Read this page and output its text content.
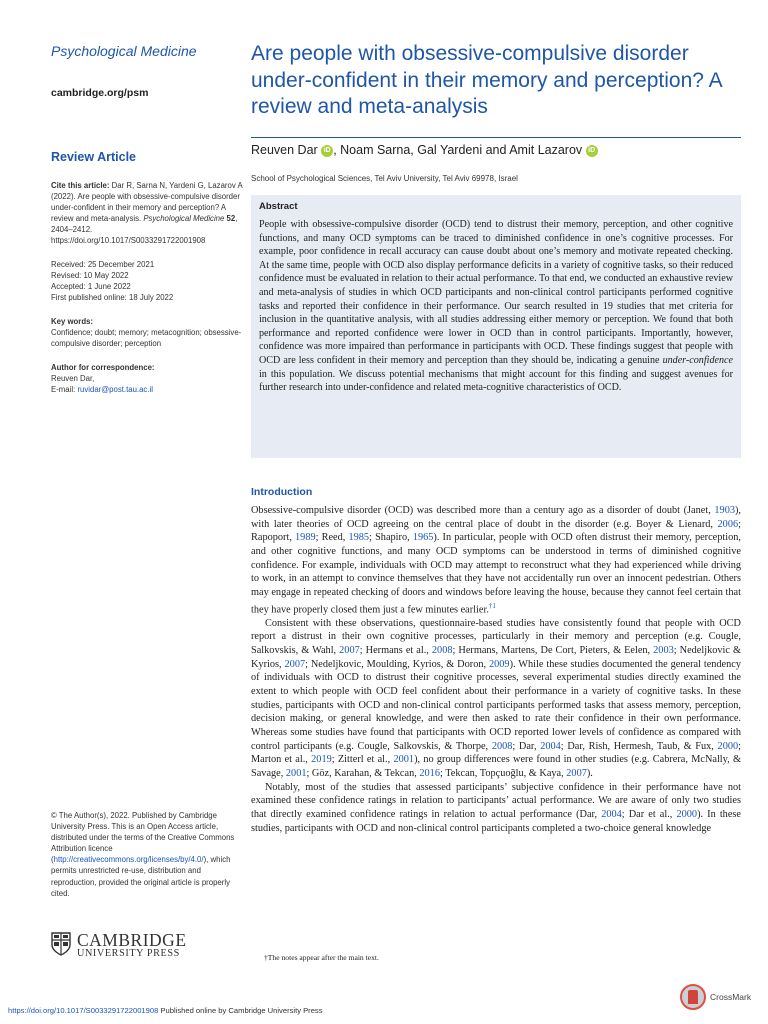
Psychological Medicine
cambridge.org/psm
Are people with obsessive-compulsive disorder under-confident in their memory and perception? A review and meta-analysis
Reuven Dar iD , Noam Sarna, Gal Yardeni and Amit Lazarov iD
School of Psychological Sciences, Tel Aviv University, Tel Aviv 69978, Israel
Review Article
Cite this article: Dar R, Sarna N, Yardeni G, Lazarov A (2022). Are people with obsessive-compulsive disorder under-confident in their memory and perception? A review and meta-analysis. Psychological Medicine 52, 2404–2412. https://doi.org/10.1017/S0033291722001908
Received: 25 December 2021
Revised: 10 May 2022
Accepted: 1 June 2022
First published online: 18 July 2022
Key words:
Confidence; doubt; memory; metacognition; obsessive-compulsive disorder; perception
Author for correspondence:
Reuven Dar,
E-mail: ruvidar@post.tau.ac.il
© The Author(s), 2022. Published by Cambridge University Press. This is an Open Access article, distributed under the terms of the Creative Commons Attribution licence (http://creativecommons.org/licenses/by/4.0/), which permits unrestricted re-use, distribution and reproduction, provided the original article is properly cited.
CAMBRIDGE
UNIVERSITY PRESS
Abstract
People with obsessive-compulsive disorder (OCD) tend to distrust their memory, perception, and other cognitive functions, and many OCD symptoms can be traced to diminished confidence in one’s cognitive processes. For example, poor confidence in recall accuracy can cause doubt about one’s memory and motivate repeated checking. At the same time, people with OCD also display performance deficits in a variety of cognitive tasks, so their reduced confidence must be evaluated in relation to their actual performance. To that end, we conducted an exhaustive review and meta-analysis of studies in which OCD participants and non-clinical control participants performed cognitive tasks and reported their confidence in their performance. Our search resulted in 19 studies that met criteria for inclusion in the quantitative analysis, with all studies addressing either memory or perception. We found that both performance and reported confidence were lower in OCD than in control participants. Importantly, however, confidence was more impaired than performance in participants with OCD. These findings suggest that people with OCD are less confident in their memory and perception than they should be, indicating a genuine under-confidence in this population. We discuss potential mechanisms that might account for this finding and suggest avenues for further research into under-confidence and related meta-cognitive characteristics of OCD.
Introduction

Obsessive-compulsive disorder (OCD) was described more than a century ago as a disorder of doubt (Janet, 1903), with later theories of OCD agreeing on the central place of doubt in the disorder (e.g. Boyer & Lienard, 2006; Rapoport, 1989; Reed, 1985; Shapiro, 1965). In particular, people with OCD often distrust their memory, perception, and other cognitive functions, and many OCD symptoms can be understood in terms of diminished cognitive confidence. For example, individuals with OCD may attempt to reconstruct what they had experienced while driving to work, in an attempt to convince themselves that they have not accidentally run over an innocent pedestrian. Others may engage in repeated checking of doors and windows before leaving the house, because they cannot feel certain that they have properly closed them just a few minutes earlier.$^{\dagger 1}$

Consistent with these observations, questionnaire-based studies have consistently found that people with OCD report a distrust in their own cognitive processes, particularly in their memory and perception (e.g. Cougle, Salkovskis, & Wahl, 2007; Hermans et al., 2008; Hermans, Martens, De Cort, Pieters, & Eelen, 2003; Nedeljkovic & Kyrios, 2007; Nedeljkovic, Moulding, Kyrios, & Doron, 2009). While these studies documented the general tendency of individuals with OCD to distrust their cognitive processes, several experimental studies directly examined the extent to which people with OCD feel confident about their performance in a variety of cognitive tasks. In these studies, participants with OCD and non-clinical control participants performed tasks that assess memory, perception, decision making, or general knowledge, and were then asked to rate their confidence in their own performance. Whereas some studies have found that participants with OCD reported lower levels of confidence as compared with control participants (e.g. Cougle, Salkovskis, & Thorpe, 2008; Dar, 2004; Dar, Rish, Hermesh, Taub, & Fux, 2000; Marton et al., 2019; Zitterl et al., 2001), no group differences were found in other studies (e.g. Cabrera, McNally, & Savage, 2001; Göz, Karahan, & Tekcan, 2016; Tekcan, Topçuoğlu, & Kaya, 2007).

Notably, most of the studies that assessed participants’ subjective confidence in their performance have not examined these confidence ratings in relation to participants’ actual performance. We are aware of only two studies that directly examined confidence ratings in relation to actual performance (Dar, 2004; Dar et al., 2000). In these studies, participants with OCD and non-clinical control participants completed a two-choice general knowledge

†The notes appear after the main text.
https://doi.org/10.1017/S0033291722001908 Published online by Cambridge University Press
CrossMark
